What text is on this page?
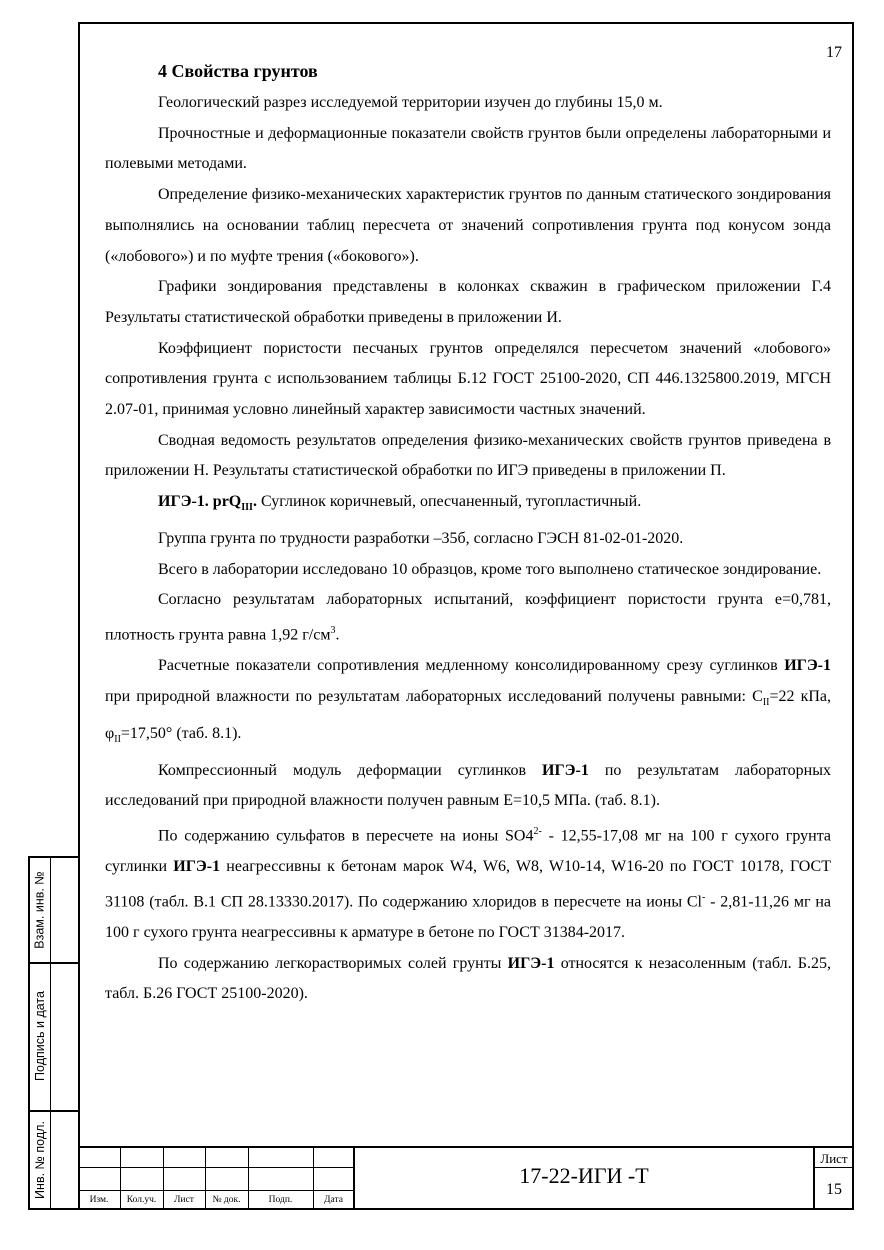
Взам. инв. №
Подпись и дата
Инв. № подл.
17
4 Свойства грунтов

Геологический разрез исследуемой территории изучен до глубины 15,0 м.

Прочностные и деформационные показатели свойств грунтов были определены лабораторными и полевыми методами.

Определение физико-механических характеристик грунтов по данным статического зондирования выполнялись на основании таблиц пересчета от значений сопротивления грунта под конусом зонда («лобового») и по муфте трения («бокового»).

Графики зондирования представлены в колонках скважин в графическом приложении Г.4 Результаты статистической обработки приведены в приложении И.

Коэффициент пористости песчаных грунтов определялся пересчетом значений «лобового» сопротивления грунта с использованием таблицы Б.12 ГОСТ 25100-2020, СП 446.1325800.2019, МГСН 2.07-01, принимая условно линейный характер зависимости частных значений.

Сводная ведомость результатов определения физико-механических свойств грунтов приведена в приложении Н. Результаты статистической обработки по ИГЭ приведены в приложении П.

ИГЭ-1. prQ$_{III}$. Суглинок коричневый, опесчаненный, тугопластичный.

Группа грунта по трудности разработки –35б, согласно ГЭСН 81-02-01-2020.

Всего в лаборатории исследовано 10 образцов, кроме того выполнено статическое зондирование.

Согласно результатам лабораторных испытаний, коэффициент пористости грунта e=0,781, плотность грунта равна 1,92 $г/см^3$.

Расчетные показатели сопротивления медленному консолидированному срезу суглинков ИГЭ-1 при природной влажности по результатам лабораторных исследований получены равными: $С_{II}=22$ кПа, $\varphi_{II}=17,50^\circ$ (таб. 8.1).

Компрессионный модуль деформации суглинков ИГЭ-1 по результатам лабораторных исследований при природной влажности получен равным Е=10,5 МПа. (таб. 8.1).

По содержанию сульфатов в пересчете на ионы $SO4^{2-} - 12,55-17,08$ мг на 100 г сухого грунта суглинки ИГЭ-1 неагрессивны к бетонам марок W4, W6, W8, W10-14, W16-20 по ГОСТ 10178, ГОСТ 31108 (табл. В.1 СП 28.13330.2017). По содержанию хлоридов в пересчете на ионы Cl- - 2,81-11,26 мг на 100 г сухого грунта неагрессивны к арматуре в бетоне по ГОСТ 31384-2017.

По содержанию легкорастворимых солей грунты ИГЭ-1 относятся к незасоленным (табл. Б.25, табл. Б.26 ГОСТ 25100-2020).

Изм.	Кол.уч.	Лист	№ док.	Подп.	Дата
17-22-ИГИ -Т
Лист
15
